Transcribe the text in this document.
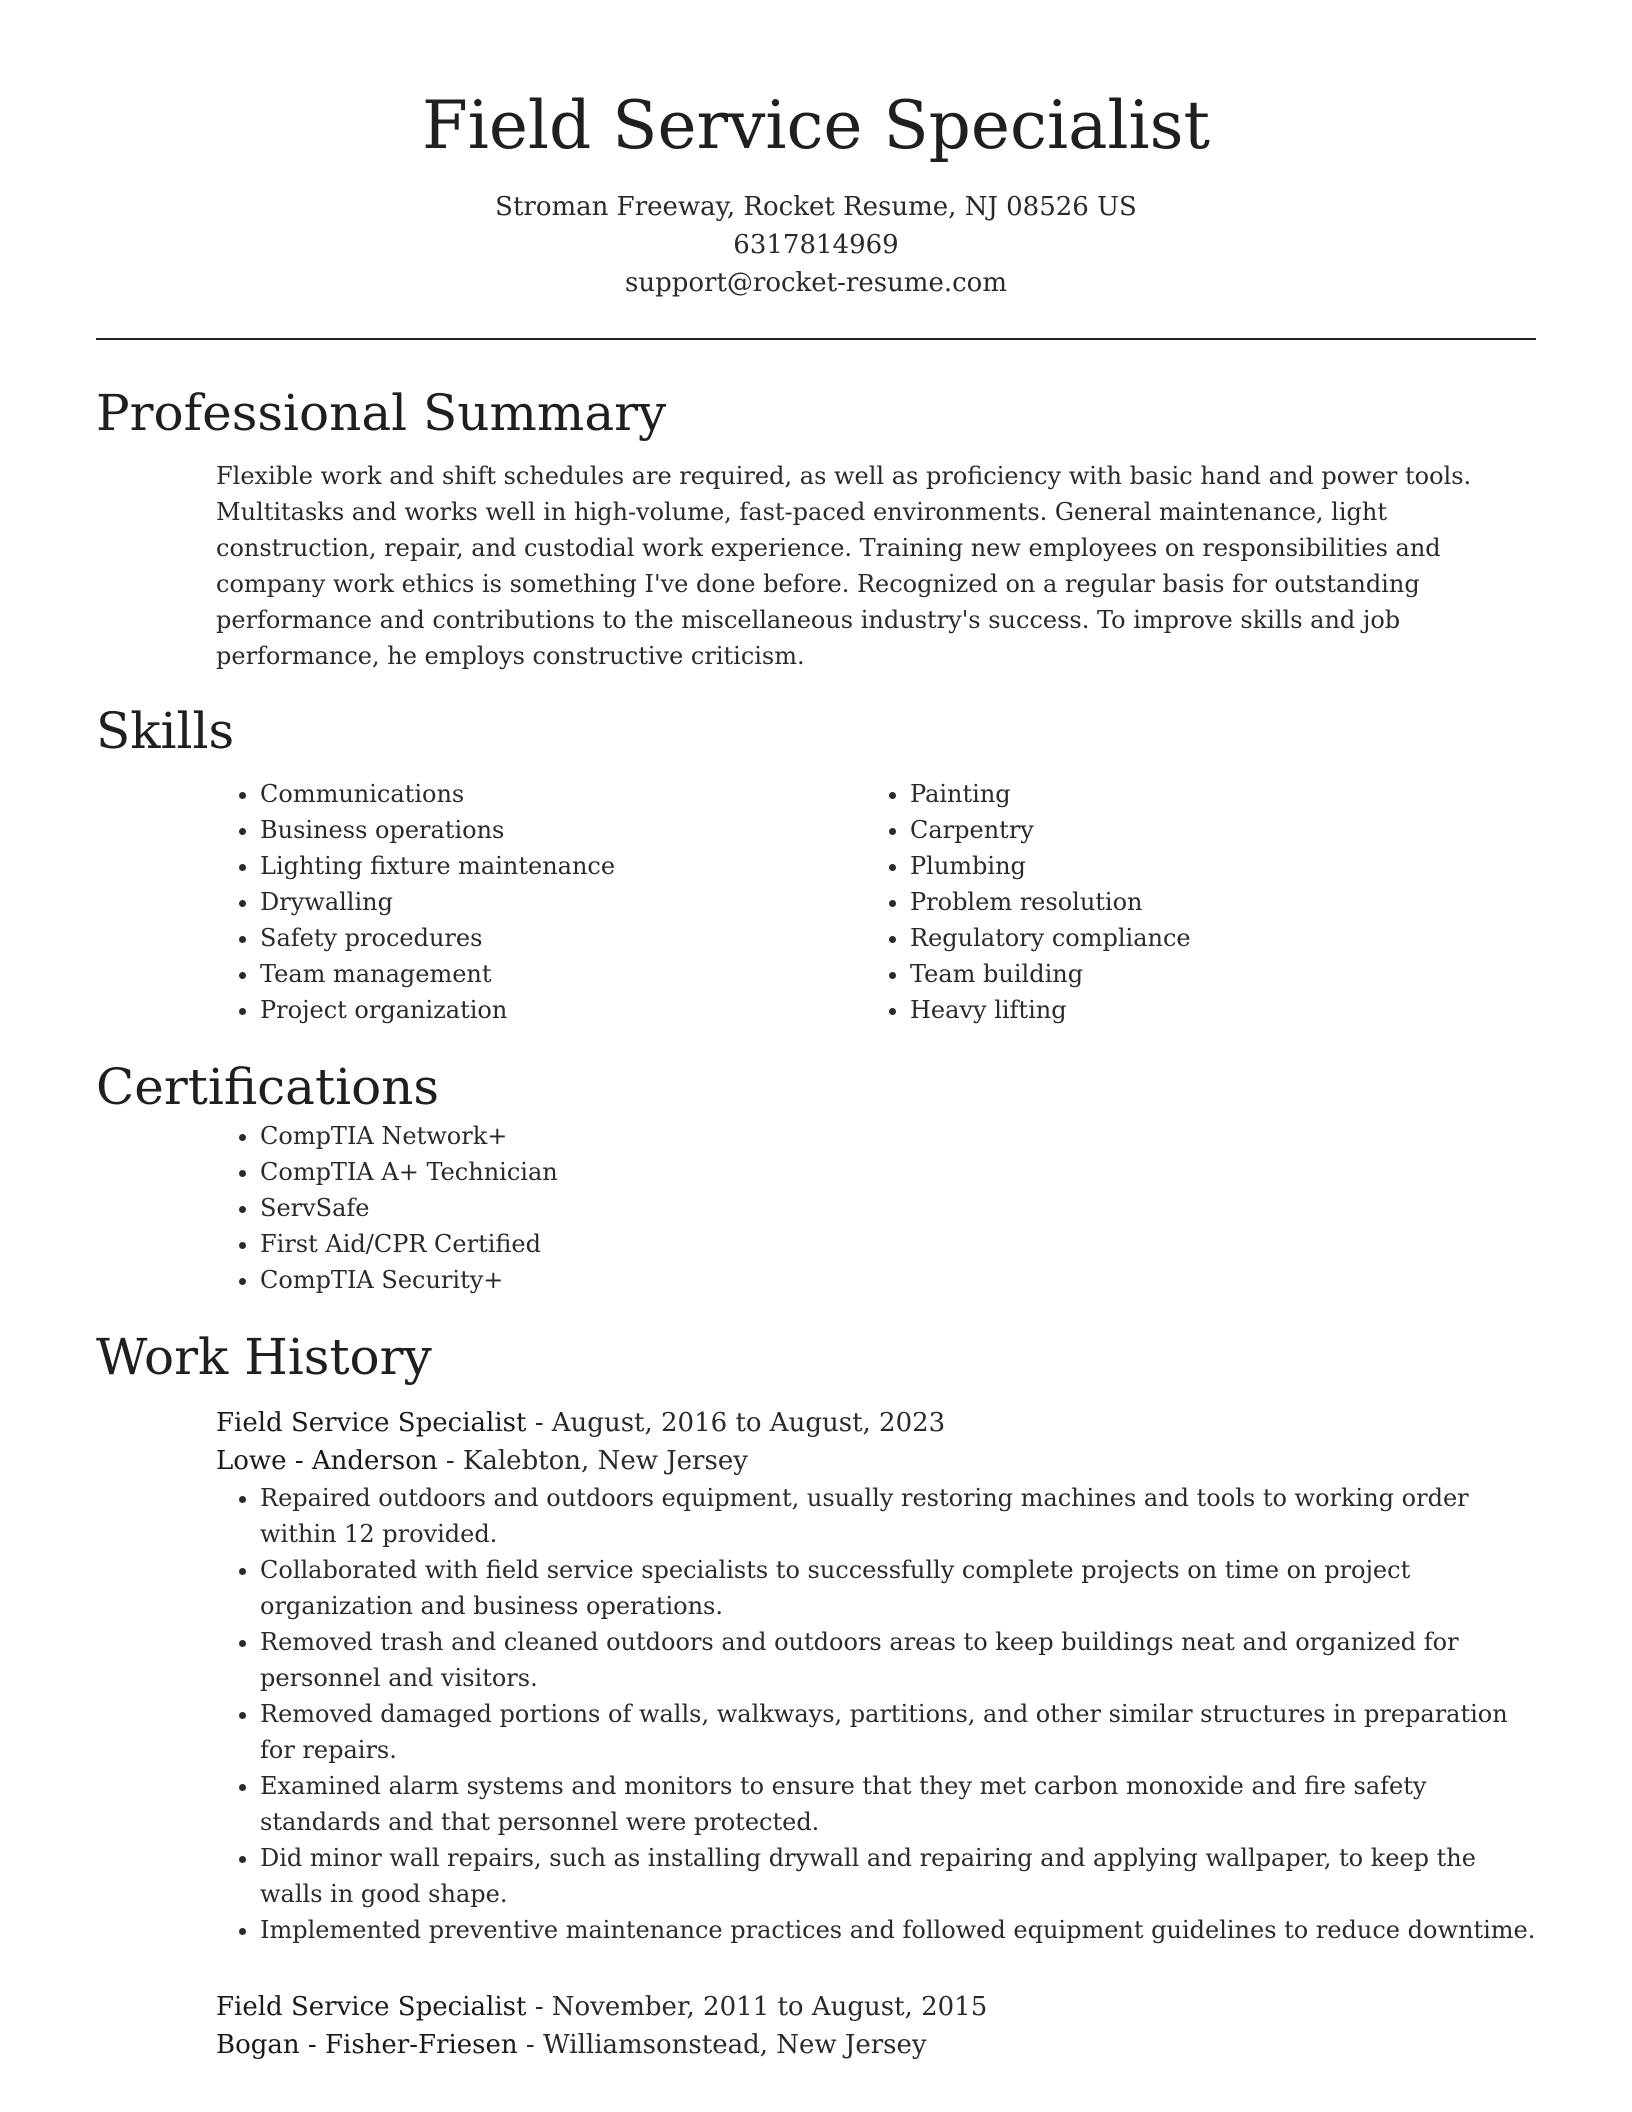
Field Service Specialist
Stroman Freeway, Rocket Resume, NJ 08526 US
6317814969
support@rocket-resume.com
Professional Summary

Flexible work and shift schedules are required, as well as proficiency with basic hand and power tools. Multitasks and works well in high-volume, fast-paced environments. General maintenance, light construction, repair, and custodial work experience. Training new employees on responsibilities and company work ethics is something I've done before. Recognized on a regular basis for outstanding performance and contributions to the miscellaneous industry's success. To improve skills and job performance, he employs constructive criticism.

Skills
• Communications
• Business operations
• Lighting fixture maintenance
• Drywalling
• Safety procedures
• Team management
• Project organization
• Painting
• Carpentry
• Plumbing
• Problem resolution
• Regulatory compliance
• Team building
• Heavy lifting
Certifications
• CompTIA Network+
• CompTIA A+ Technician
• ServSafe
• First Aid/CPR Certified
• CompTIA Security+
Work History
Field Service Specialist - August, 2016 to August, 2023
Lowe - Anderson - Kalebton, New Jersey
• Repaired outdoors and outdoors equipment, usually restoring machines and tools to working order within 12 provided.
• Collaborated with field service specialists to successfully complete projects on time on project organization and business operations.
• Removed trash and cleaned outdoors and outdoors areas to keep buildings neat and organized for personnel and visitors.
• Removed damaged portions of walls, walkways, partitions, and other similar structures in preparation for repairs.
• Examined alarm systems and monitors to ensure that they met carbon monoxide and fire safety standards and that personnel were protected.
• Did minor wall repairs, such as installing drywall and repairing and applying wallpaper, to keep the walls in good shape.
• Implemented preventive maintenance practices and followed equipment guidelines to reduce downtime.
Field Service Specialist - November, 2011 to August, 2015
Bogan - Fisher-Friesen - Williamsonstead, New Jersey
